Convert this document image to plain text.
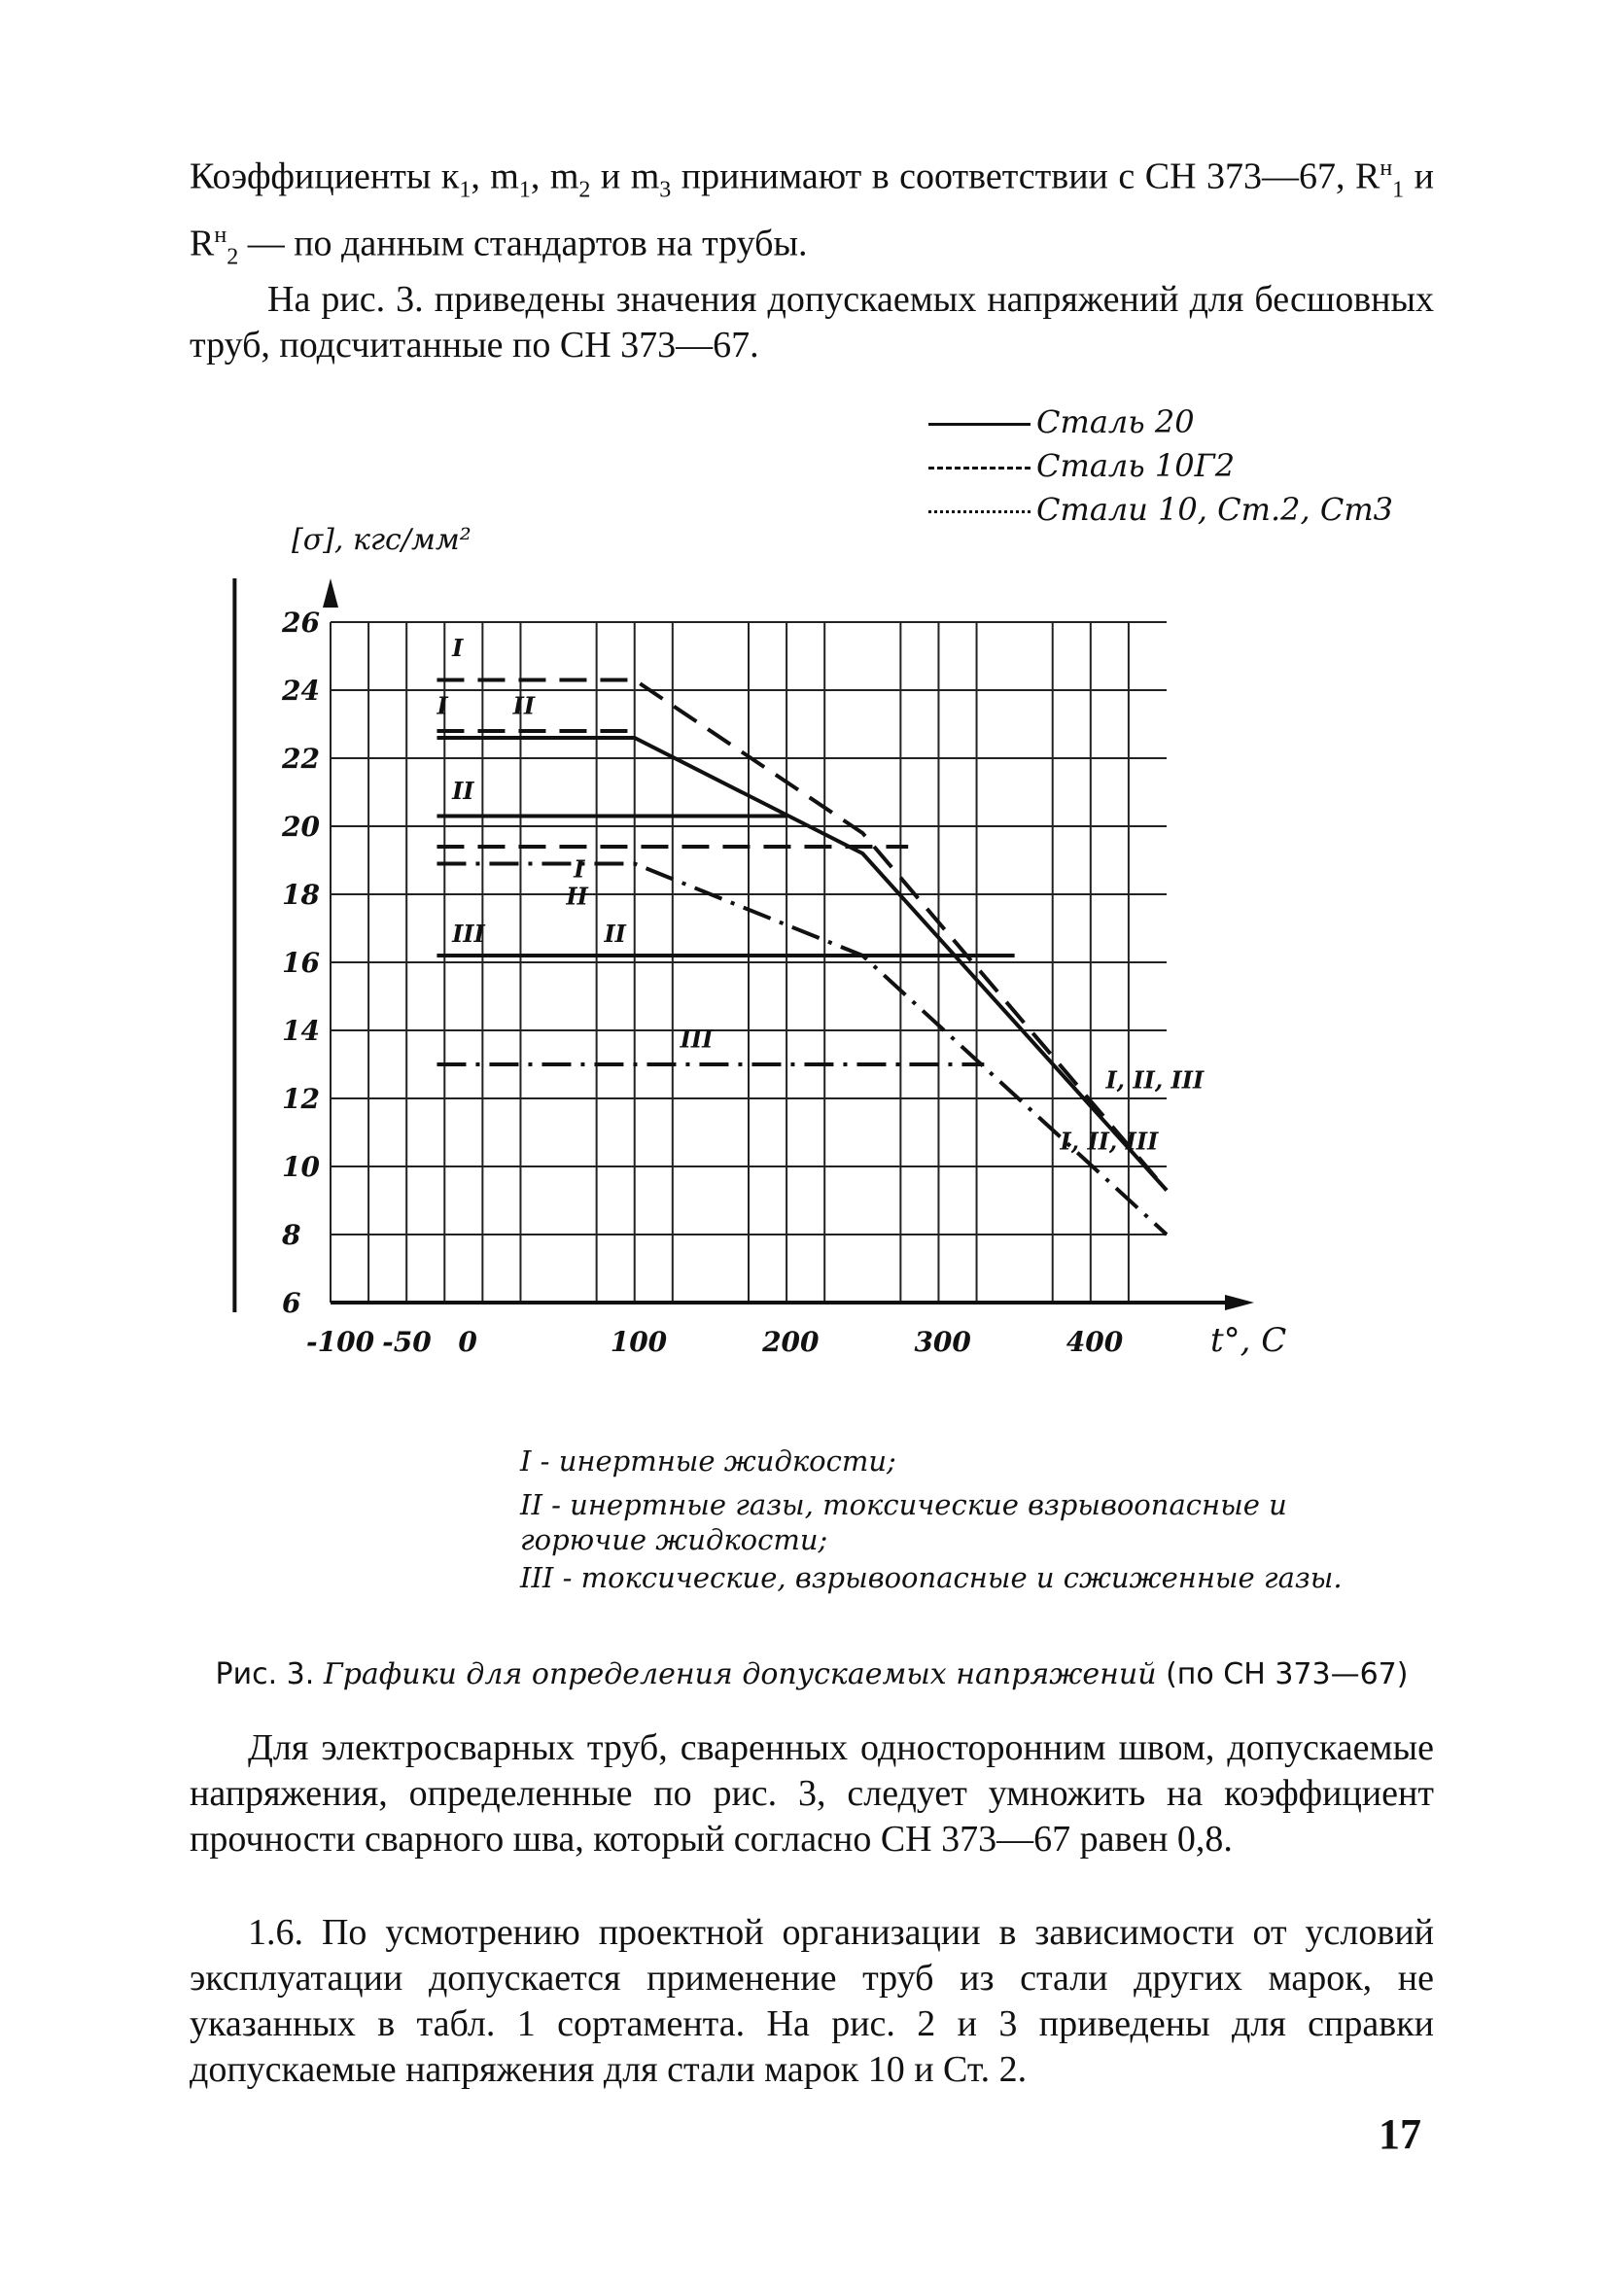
Коэффициенты $к_1$, $m_1$, $m_2$ и $m_3$ принимают в соответствии с СН 373—67, $R^н_1$ и $R^н_2$ — по данным стандартов на трубы.

На рис. 3. приведены значения допускаемых напряжений для бесшовных труб, подсчитанные по СН 373—67.

Сталь 20
Сталь 10Г2
Стали 10, Ст.2, Ст3
26
24
22
20
18
16
14
12
10
8
6
-100 -50 0	100	200	300	400
[σ], кгс/мм²
t°, C
I
I	II
II
I
II
III	II
III
I, II, III
I, II, III
I - инертные жидкости;
II - инертные газы, токсические взрывоопасные и горючие жидкости;
III - токсические, взрывоопасные и сжиженные газы.
Рис. 3. Графики для определения допускаемых напряжений (по СН 373—67)

Для электросварных труб, сваренных односторонним швом, допускаемые напряжения, определенные по рис. 3, следует умножить на коэффициент прочности сварного шва, который согласно СН 373—67 равен 0,8.

1.6. По усмотрению проектной организации в зависимости от условий эксплуатации допускается применение труб из стали других марок, не указанных в табл. 1 сортамента. На рис. 2 и 3 приведены для справки допускаемые напряжения для стали марок 10 и Ст. 2.

17
